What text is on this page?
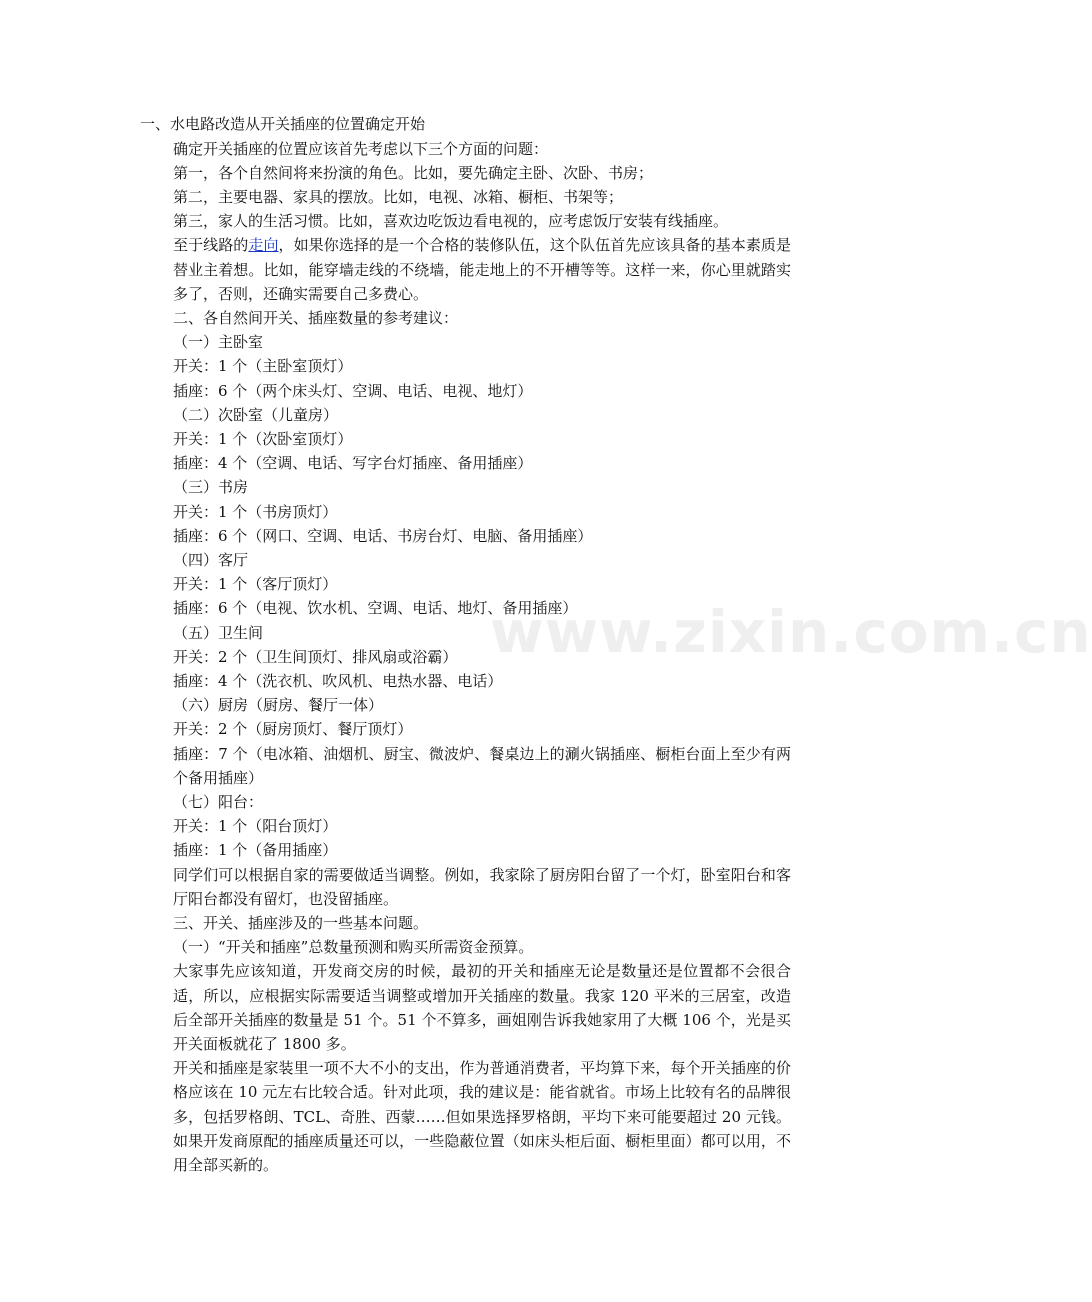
www.zixin.com.cn
一、水电路改造从开关插座的位置确定开始

确定开关插座的位置应该首先考虑以下三个方面的问题：

第一，各个自然间将来扮演的角色。比如，要先确定主卧、次卧、书房；

第二，主要电器、家具的摆放。比如，电视、冰箱、橱柜、书架等；

第三，家人的生活习惯。比如，喜欢边吃饭边看电视的，应考虑饭厅安装有线插座。

至于线路的走向，如果你选择的是一个合格的装修队伍，这个队伍首先应该具备的基本素质是替业主着想。比如，能穿墙走线的不绕墙，能走地上的不开槽等等。这样一来，你心里就踏实多了，否则，还确实需要自己多费心。

二、各自然间开关、插座数量的参考建议：

（一）主卧室

开关：1 个（主卧室顶灯）

插座：6 个（两个床头灯、空调、电话、电视、地灯）

（二）次卧室（儿童房）

开关：1 个（次卧室顶灯）

插座：4 个（空调、电话、写字台灯插座、备用插座）

（三）书房

开关：1 个（书房顶灯）

插座：6 个（网口、空调、电话、书房台灯、电脑、备用插座）

（四）客厅

开关：1 个（客厅顶灯）

插座：6 个（电视、饮水机、空调、电话、地灯、备用插座）

（五）卫生间

开关：2 个（卫生间顶灯、排风扇或浴霸）

插座：4 个（洗衣机、吹风机、电热水器、电话）

（六）厨房（厨房、餐厅一体）

开关：2 个（厨房顶灯、餐厅顶灯）

插座：7 个（电冰箱、油烟机、厨宝、微波炉、餐桌边上的涮火锅插座、橱柜台面上至少有两个备用插座）

（七）阳台：

开关：1 个（阳台顶灯）

插座：1 个（备用插座）

同学们可以根据自家的需要做适当调整。例如，我家除了厨房阳台留了一个灯，卧室阳台和客厅阳台都没有留灯，也没留插座。

三、开关、插座涉及的一些基本问题。

（一）“开关和插座”总数量预测和购买所需资金预算。

大家事先应该知道，开发商交房的时候，最初的开关和插座无论是数量还是位置都不会很合适，所以，应根据实际需要适当调整或增加开关插座的数量。我家 120 平米的三居室，改造后全部开关插座的数量是 51 个。51 个不算多，画姐刚告诉我她家用了大概 106 个，光是买开关面板就花了 1800 多。

开关和插座是家装里一项不大不小的支出，作为普通消费者，平均算下来，每个开关插座的价格应该在 10 元左右比较合适。针对此项，我的建议是：能省就省。市场上比较有名的品牌很多，包括罗格朗、TCL、奇胜、西蒙……但如果选择罗格朗，平均下来可能要超过 20 元钱。如果开发商原配的插座质量还可以，一些隐蔽位置（如床头柜后面、橱柜里面）都可以用，不用全部买新的。
